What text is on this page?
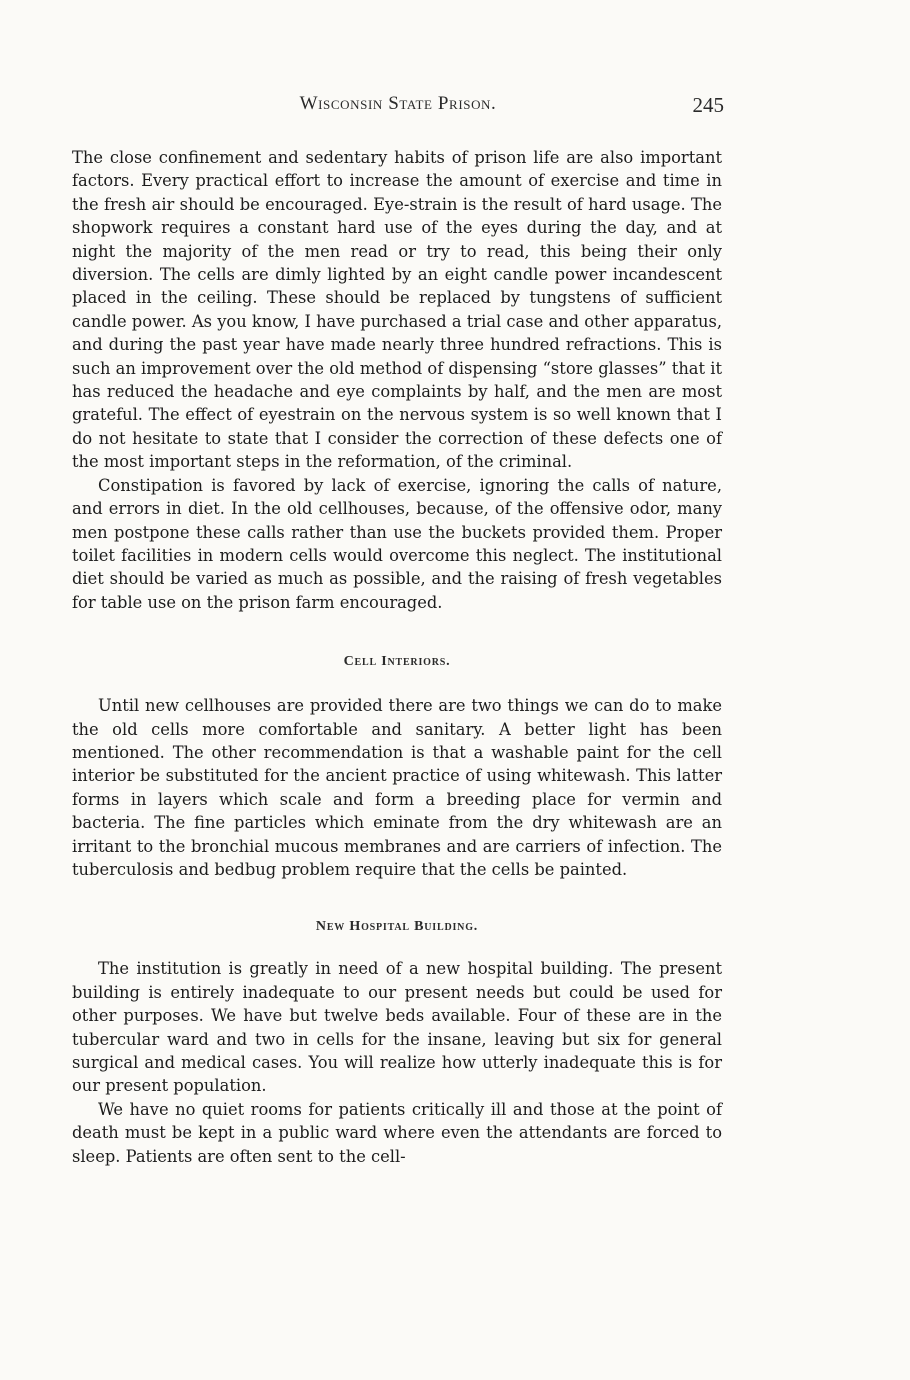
Wisconsin State Prison.	245

The close confinement and sedentary habits of prison life are also important factors. Every practical effort to increase the amount of exercise and time in the fresh air should be encouraged. Eye-strain is the result of hard usage. The shopwork requires a constant hard use of the eyes during the day, and at night the majority of the men read or try to read, this being their only diversion. The cells are dimly lighted by an eight candle power incandescent placed in the ceiling. These should be replaced by tungstens of sufficient candle power. As you know, I have purchased a trial case and other apparatus, and during the past year have made nearly three hundred refractions. This is such an improvement over the old method of dispensing “store glasses” that it has reduced the headache and eye complaints by half, and the men are most grateful. The effect of eyestrain on the nervous system is so well known that I do not hesitate to state that I consider the correction of these defects one of the most important steps in the reformation, of the criminal.

Constipation is favored by lack of exercise, ignoring the calls of nature, and errors in diet. In the old cellhouses, because, of the offensive odor, many men postpone these calls rather than use the buckets provided them. Proper toilet facilities in modern cells would overcome this neglect. The institutional diet should be varied as much as possible, and the raising of fresh vegetables for table use on the prison farm encouraged.

Cell Interiors.

Until new cellhouses are provided there are two things we can do to make the old cells more comfortable and sanitary. A better light has been mentioned. The other recommendation is that a washable paint for the cell interior be substituted for the ancient practice of using whitewash. This latter forms in layers which scale and form a breeding place for vermin and bacteria. The fine particles which eminate from the dry whitewash are an irritant to the bronchial mucous membranes and are carriers of infection. The tuberculosis and bedbug problem require that the cells be painted.

New Hospital Building.

The institution is greatly in need of a new hospital building. The present building is entirely inadequate to our present needs but could be used for other purposes. We have but twelve beds available. Four of these are in the tubercular ward and two in cells for the insane, leaving but six for general surgical and medical cases. You will realize how utterly inadequate this is for our present population.

We have no quiet rooms for patients critically ill and those at the point of death must be kept in a public ward where even the attendants are forced to sleep. Patients are often sent to the cell-
